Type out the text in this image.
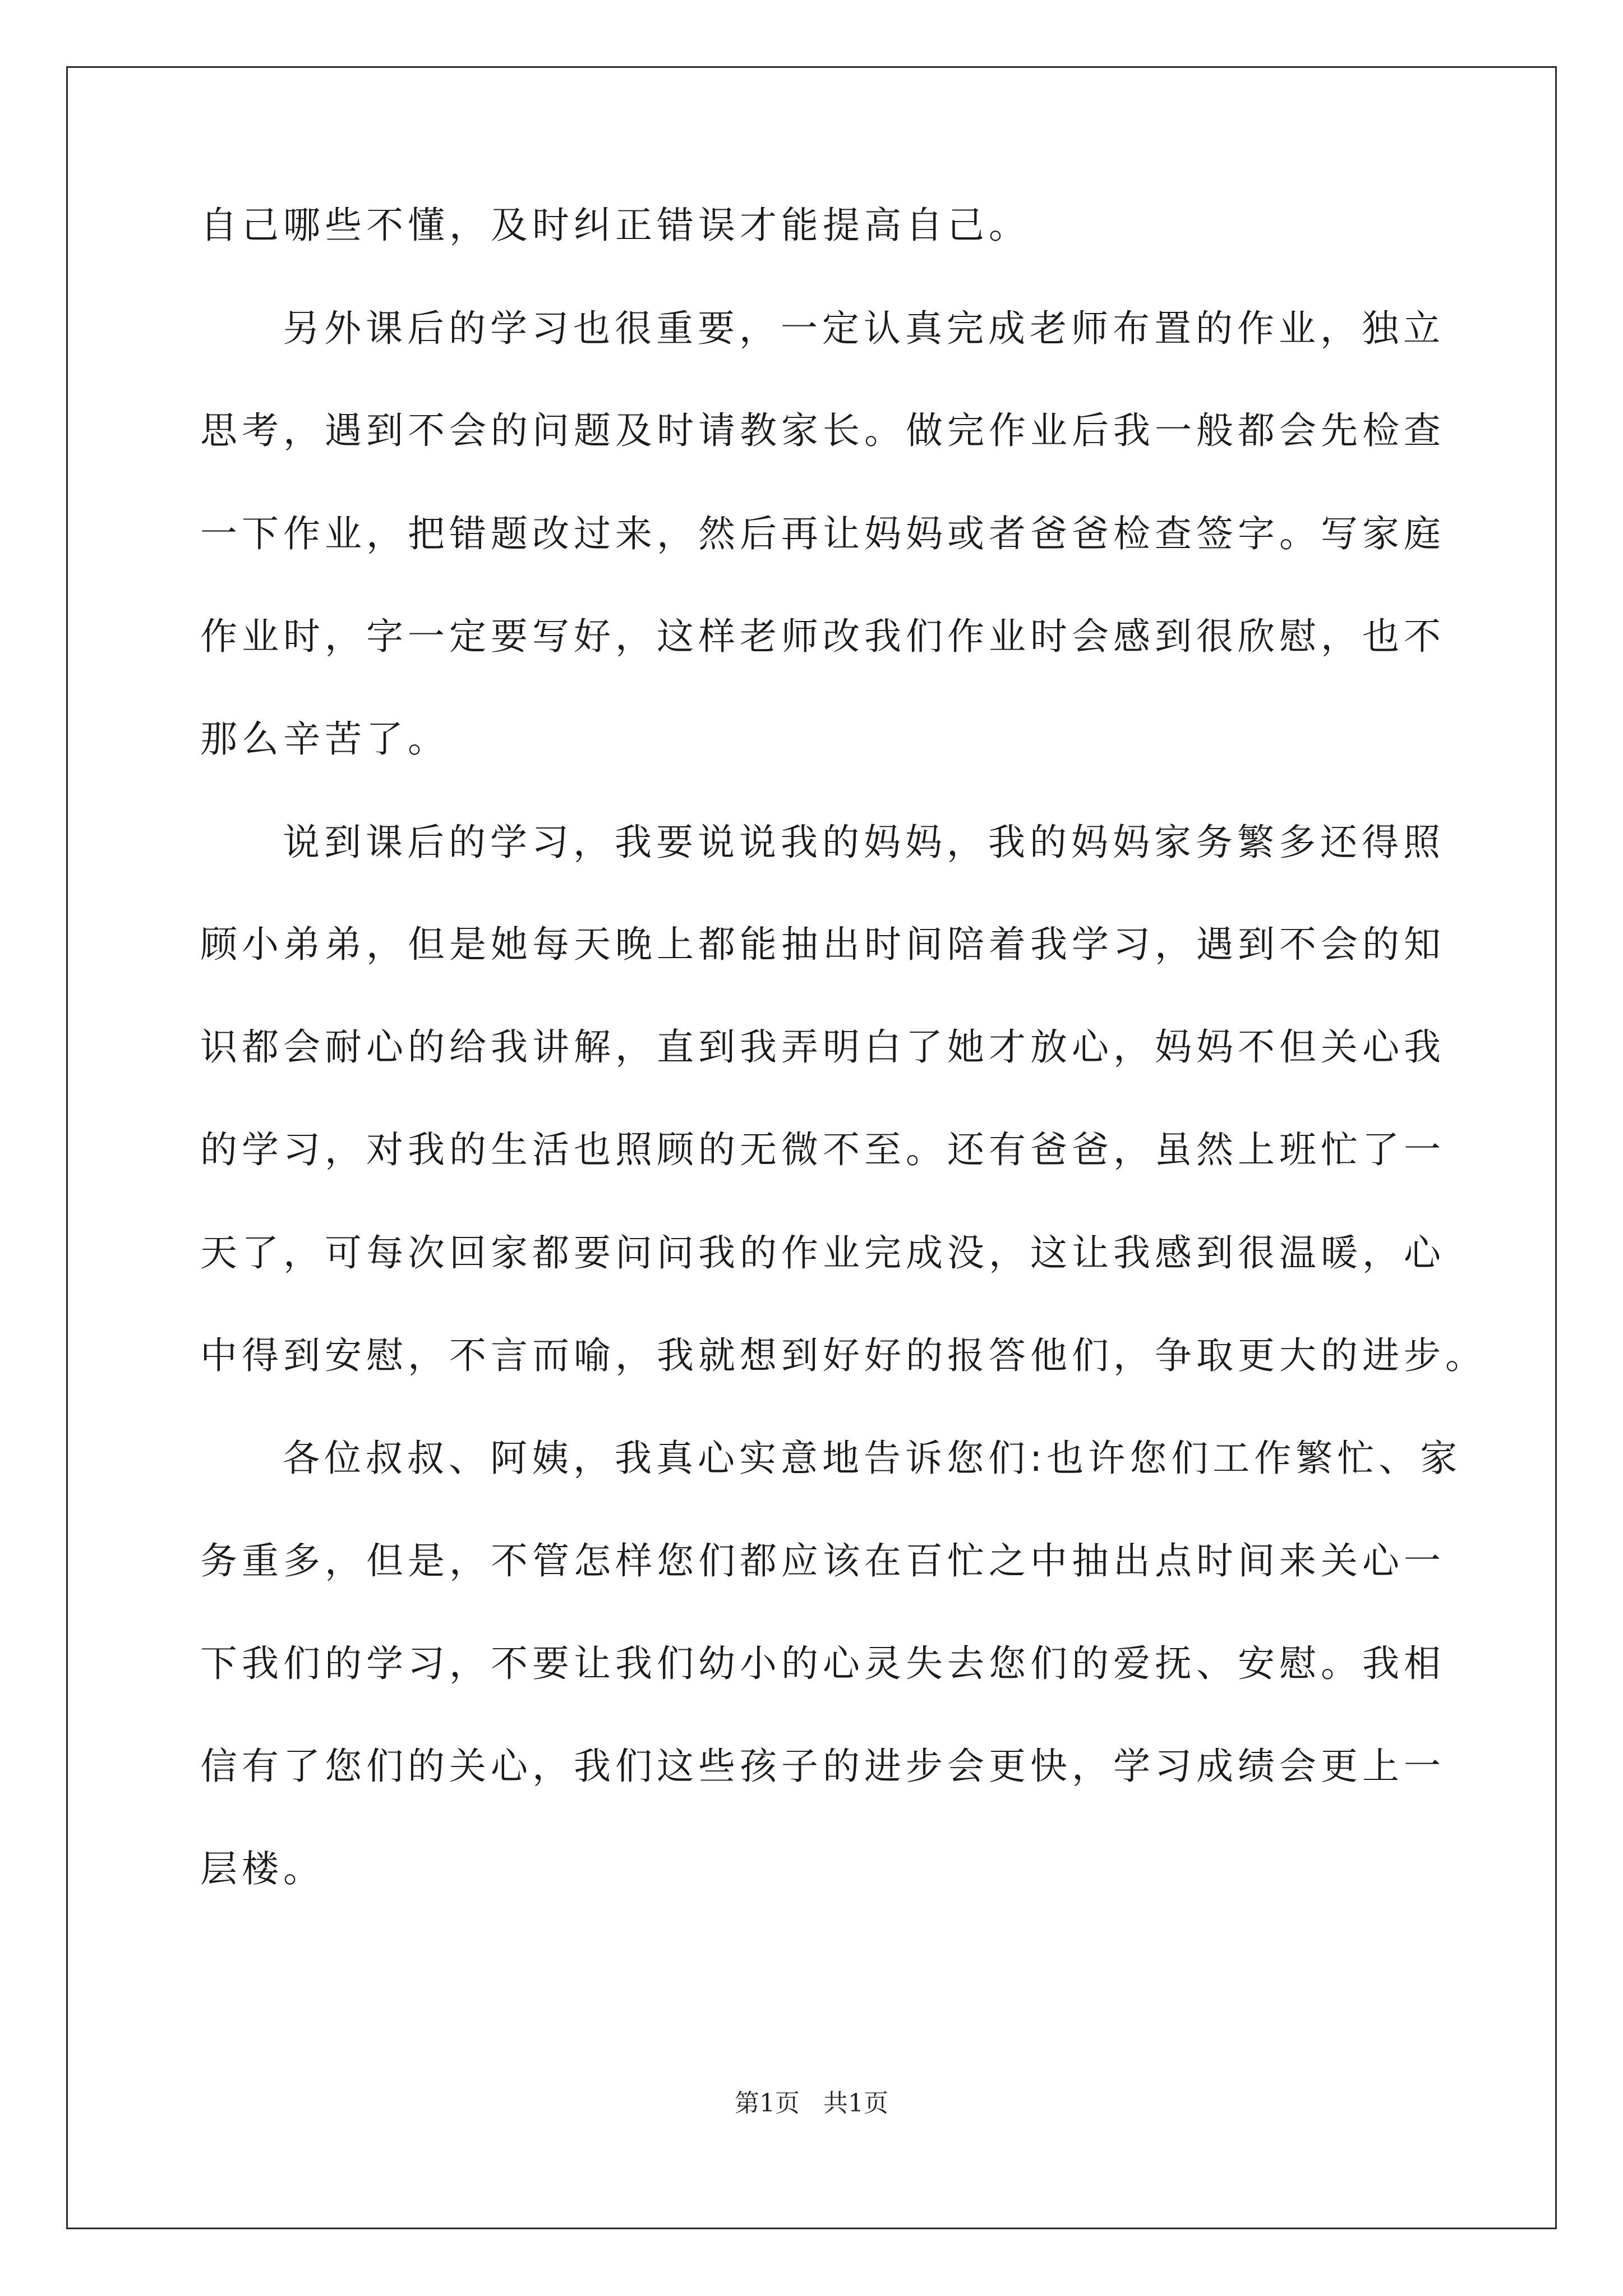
自己哪些不懂，及时纠正错误才能提高自己。
另外课后的学习也很重要，一定认真完成老师布置的作业，独立
思考，遇到不会的问题及时请教家长。做完作业后我一般都会先检查
一下作业，把错题改过来，然后再让妈妈或者爸爸检查签字。写家庭
作业时，字一定要写好，这样老师改我们作业时会感到很欣慰，也不
那么辛苦了。
说到课后的学习，我要说说我的妈妈，我的妈妈家务繁多还得照
顾小弟弟，但是她每天晚上都能抽出时间陪着我学习，遇到不会的知
识都会耐心的给我讲解，直到我弄明白了她才放心，妈妈不但关心我
的学习，对我的生活也照顾的无微不至。还有爸爸，虽然上班忙了一
天了，可每次回家都要问问我的作业完成没，这让我感到很温暖，心
中得到安慰，不言而喻，我就想到好好的报答他们，争取更大的进步。
各位叔叔、阿姨，我真心实意地告诉您们:也许您们工作繁忙、家
务重多，但是，不管怎样您们都应该在百忙之中抽出点时间来关心一
下我们的学习，不要让我们幼小的心灵失去您们的爱抚、安慰。我相
信有了您们的关心，我们这些孩子的进步会更快，学习成绩会更上一
层楼。
第1页 共1页
